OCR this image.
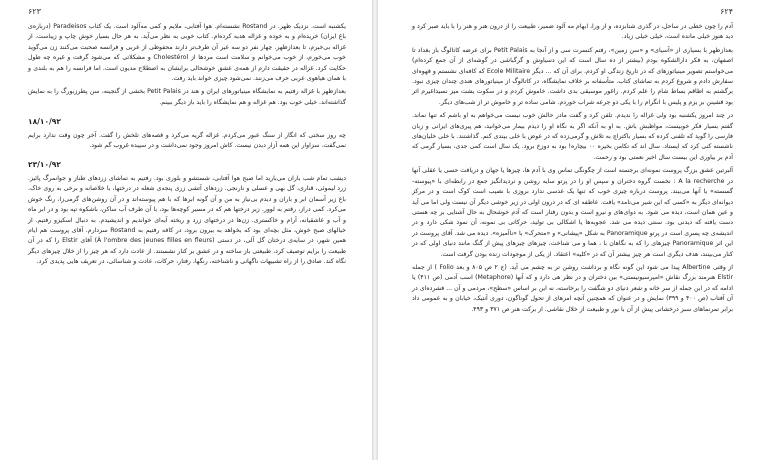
۶۲۳

یکشنبه است. نزدیک ظهر. در Rostand نشسته‌ام. هوا آفتابی، ملایم و کمی مه‌آلود است. یک کتاب Paradeisos (درباره‌ی باغ ایران) خریده‌ام و به خوده و غزاله هدیه کرده‌ام. کتاب خوبی به نظر می‌آید. به هر حال بسیار خوش چاپ و زیباست. از غزاله بی‌خبرم، تا بعدازظهر. چهار نفر دو سه عیر آن طرف‌تر دارند محفوظی از عربی و فرانسه صحبت می‌کنند زن می‌گوید خوب می‌خورم، از خوب می‌خوانم و سلامت است مردها از Cholestérol و مشکلاتی که می‌شود گرفت و غیره چه طول حکایت کرد. غزاله در حقیقت دارم از همه‌ی عشق خوشحالی برایشان به اصطلاح مدیون است. اما فرانسه را هم به بلندی و با همان هیاهوی عربی حرف می‌زنند. نمی‌شود چیزی خواند باید رفت.

بعدازظهر با غزاله رفتیم به نمایشگاه مینیاتورهای ایران و هند در Petit Palais بخشی از گنجینه، سن پطرزبورگ را به نمایش گذاشته‌اند. خیلی خوب بود. هم غزاله و هم نمایشگاه را باید باز دیگر ببینم.

۱۸/۱۰/۹۲

چه روز سختی که انگار از سنگ عبور می‌کردم. غزاله گریه می‌کرد و قصه‌های تلخش را گفت. آخر چون وقت ندارد برایم نمی‌گفت. سزاوار این همه آزار دیدن نیست. کاش امروز وجود نمی‌داشت و در سپیده غروب گم شود.

۲۳/۱۰/۹۲

دیشب تمام شب باران می‌بارید اما صبح هوا آفتابی، شستشو و بلوری بود. رفتیم به تماشای زردهای طناز و جوانمرگ پائیز. زرد لیموئی، قناری، گل بهی و عسلی و نارنجی. زردهای آتشی زری پنجه‌ی شعله در درختها، با خلاصانه و برخی به روی خاک. باغ زیر آسمان ابر و باران و دیدم بی‌نیاز به من و آن گونه ابرها که با هم پیوسته‌اند و در آن روشن‌های گرمی‌زا، رنگ خوش می‌کرد. کمی دراز، رفتم به لوور. زیر درختها هم که در مسیر کوچه‌ها بود، با آن طرف آب ساکن، باشکوه تپه بود و در ابر ماه و آب و عاشقیانه، آرام و خاکستری. زن‌ها در درختهای زرد و ریخته آیه‌ای خواندیم و اندیشیدم. به دنبال اسکیزو رفتیم. از خیالهای صبح خوش، مثل بچه‌ای بود که بخواهد به بیرون برود، در کافه رفتیم به Rostand سردارم. آقای پروست هم ایام همین شهر، در سایه‌ی درختان گل آلی، در دستی (À l'ombre des jeunes filles en fleurs) آقای Elstir را که در آن طبیعت را برایم توصیف کرد، طبیعتی باز ساخته و در عشق بر کنار نشستند. از عادت دارد که هر چیز را از خلال چیزهای دیگر نگاه کند. صادق را از راه تشبیهات ناگهانی و ناشناخته، رنگها، رفتار، حرکات، عادت و شناسائی، در تعریف هایی پدیدی کرد.

۶۲۴

آدم را چون خطی در ساحل، در گذری شتابزده، و از ورا، ابهام مه آلود ضمیر، طبیعت را از درون هنر و هنر را با باید صبر کرد و دید هنوز خیلی مانده است، خیلی خیلی زیاد.

بعدازظهر با بسیاری از «آسیای» و «سن زمین»، رفتم کنسرت سی و از آنجا به Petit Palais برای عرضه کاتالوگ باز بغداد تا اصفهان، به فکر دارالشکوه بودم (بیشتر از ده سال است که این دسیاوش و گرگباشی در گوشه‌ای از آن جمع کرده‌ام) می‌خواستم تصویر مینیاتورهای که در تاریخ زندگی او کردم. برای آن که ... دیگر Ecole Militaire که کافه‌ای نشستم و قهوه‌ای سفارش دادم و شروع کردم به تماشای کتاب. متأسفانه بر خلاف نمایشگاه، در کاتالوگ از مینیاتورهای هندی چندان چیزی نبود. برگشتم به اطاقم بساط شام را علم کردم. راغور موسیقی بدی داشت. خاموش کردم و در سکوت یشت میز نسیداغیرم اثر بود قشینن بر یزم و پلیس با انگرام را با یکی دو جرعه شراب خوردم. شامی ساده تر و خاموش تر از شب‌های دیگر.

در چند امروز یکشنبه بود ولی غزاله را ندیدم. تلفن کرد و گفت مادر حالش خوب نیست می‌خواهم به او باشم که تنها نماند. گفتم بسیار فکر خوبیست، مواظبش باش. به او به آنکه اگر به نگاه او را دیدم بیمار می‌خوانید، هم پیری‌های ایرانی و زبان فارسی را گوید که تلفنی کرده که بسیار باکتراچ به تلاش و گرمی‌زده که در عوض با خلی بیندی کنم. گذاشتند. با خلی خلیان‌های ناشسته کنی کرد که ایستاد. سال اند که تکامن بخیره ۰۰ بیچاره! بود به دوزخ برود. یک سال است کمی جدی، بسیار گرمی که آدم بر بیاوری این بیست سال اخیر نعمتی بود و رحمت.

آلبرتین عشق بزرگ پروست نمونه‌ای برجسته است از چگونگی تماس وی با آدم ها، چیزها یا جهان و دریافت حسی یا عقلی آنها در A la recherche : نخست گروه دختران و سپس او را در پرتو سایه روشن و تردیدانگیز جمع در رابطه‌ای با «پیوسته-گسسته» یا آنها می‌بیند. پروست درباره چیزی خوب که تنها یک عدسی ندارد بروزی با نصیب است کوک است و در مرکز دیوانه‌ای دیگر به «کسی که این شیر می‌نامد» یافت. عاطفه ای که در درون اولی در زیر خوشی دیگر آن نیست ولی اما می آید و عین همان است، دیده می شود. به دوای‌های و نیرو است و بدون رفتار است که آدم خوشحال به حال آشنایی بر چه هستی دست یافته که دیدنی بود. سنتی دیده می شد. عجوبه‌ها یا اشکالی بی تولید، حرکاتی بی نمونه، آن نمود شکی دارد و در اندیشه‌ی چه پسری است در پرتو Panoramique به شکل «پیشانی» و «متحرک» با «ناآمیزه». دیده می شد. آقای پروست در این اثر Panoramique چیزهای را که به نگاهان با ، هما و می شناخت، چیزهای چیزهای پیش از گنگ مانند دنیای اولی که در کنار می‌بینند، هدف دیگری است هر چیز بیشتر آن که در «کلیه» اعتقاد. از یکی از موجودات زنده بودن گرفت است.

از وقتی Albertine پیدا می شود این گونه نگاه و برداشت روشن تر به چشم می آید. (ج ۲ ص ۸۰۵ و بعد Folio ) از جمله Elstir هنرمند بزرگ نقاش «امپرسیونیستی» بین دختران و در نظر هی دارد و که آنها (Metaphore) اسب آدمی (ص ۴۱۱) یا ادامه که در این جمله از سر خانه و شعر دنیای دو شگفت را برخاسته، نه این بر اساس «سطح»، مردمی و آن ... فشرده‌ای در آن آفتاب (ص ۴۰۰ و ۳۹۹) نمایش و در عنوان که همچنین آنچه امرهای از تحول گوناگون، دوری آنتیک، خیابان و به عمومی داد برابر تمرنماهای سبز درخشانی پیش از آن با نور و طبیعت از خلال نقاشی. از برکت هنر ص ۳۷۱ و ۴۹۳.
